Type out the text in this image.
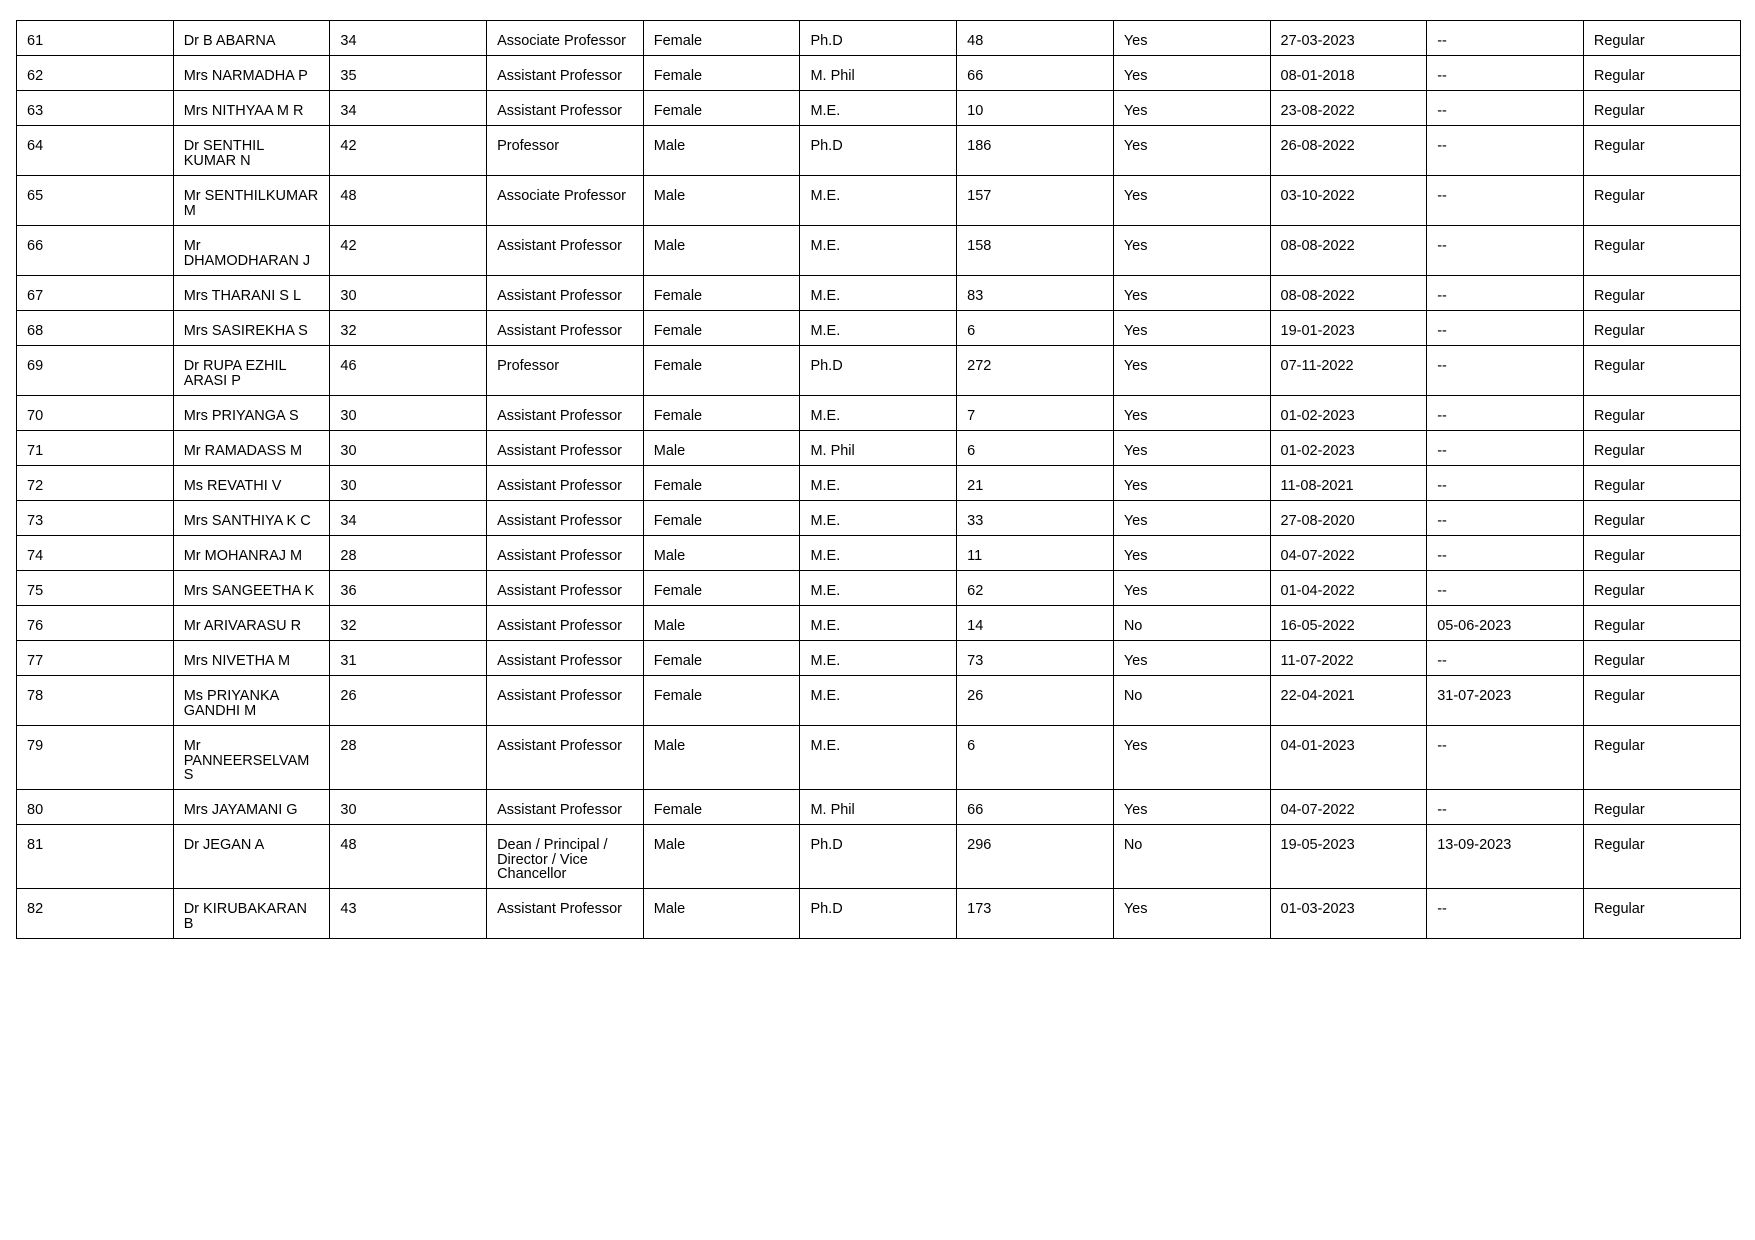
61	Dr B ABARNA	34	Associate Professor	Female	Ph.D	48	Yes	27-03-2023	--	Regular
62	Mrs NARMADHA P	35	Assistant Professor	Female	M. Phil	66	Yes	08-01-2018	--	Regular
63	Mrs NITHYAA M R	34	Assistant Professor	Female	M.E.	10	Yes	23-08-2022	--	Regular
64	Dr SENTHIL KUMAR N	42	Professor	Male	Ph.D	186	Yes	26-08-2022	--	Regular
65	Mr SENTHILKUMAR M	48	Associate Professor	Male	M.E.	157	Yes	03-10-2022	--	Regular
66	Mr DHAMODHARAN J	42	Assistant Professor	Male	M.E.	158	Yes	08-08-2022	--	Regular
67	Mrs THARANI S L	30	Assistant Professor	Female	M.E.	83	Yes	08-08-2022	--	Regular
68	Mrs SASIREKHA S	32	Assistant Professor	Female	M.E.	6	Yes	19-01-2023	--	Regular
69	Dr RUPA EZHIL ARASI P	46	Professor	Female	Ph.D	272	Yes	07-11-2022	--	Regular
70	Mrs PRIYANGA S	30	Assistant Professor	Female	M.E.	7	Yes	01-02-2023	--	Regular
71	Mr RAMADASS M	30	Assistant Professor	Male	M. Phil	6	Yes	01-02-2023	--	Regular
72	Ms REVATHI V	30	Assistant Professor	Female	M.E.	21	Yes	11-08-2021	--	Regular
73	Mrs SANTHIYA K C	34	Assistant Professor	Female	M.E.	33	Yes	27-08-2020	--	Regular
74	Mr MOHANRAJ M	28	Assistant Professor	Male	M.E.	11	Yes	04-07-2022	--	Regular
75	Mrs SANGEETHA K	36	Assistant Professor	Female	M.E.	62	Yes	01-04-2022	--	Regular
76	Mr ARIVARASU R	32	Assistant Professor	Male	M.E.	14	No	16-05-2022	05-06-2023	Regular
77	Mrs NIVETHA M	31	Assistant Professor	Female	M.E.	73	Yes	11-07-2022	--	Regular
78	Ms PRIYANKA GANDHI M	26	Assistant Professor	Female	M.E.	26	No	22-04-2021	31-07-2023	Regular
79	Mr PANNEERSELVAM S	28	Assistant Professor	Male	M.E.	6	Yes	04-01-2023	--	Regular
80	Mrs JAYAMANI G	30	Assistant Professor	Female	M. Phil	66	Yes	04-07-2022	--	Regular
81	Dr JEGAN A	48	Dean / Principal / Director / Vice Chancellor	Male	Ph.D	296	No	19-05-2023	13-09-2023	Regular
82	Dr KIRUBAKARAN B	43	Assistant Professor	Male	Ph.D	173	Yes	01-03-2023	--	Regular
